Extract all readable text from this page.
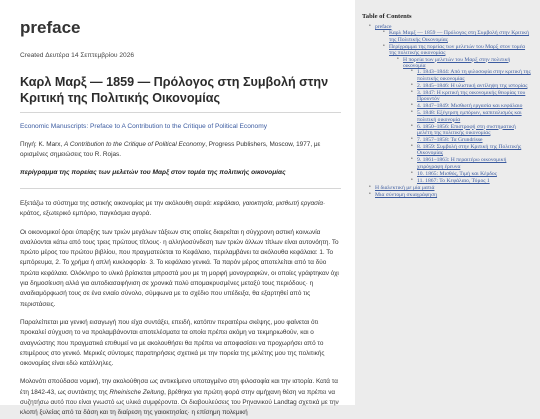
preface
Created Δευτέρα 14 Σεπτεμβρίου 2026
Καρλ Μαρξ — 1859 — Πρόλογος στη Συμβολή στην Κριτική της Πολιτικής Οικονομίας
Economic Manuscripts: Preface to A Contribution to the Critique of Political Economy
Πηγή: K. Marx, A Contribution to the Critique of Political Economy, Progress Publishers, Moscow, 1977, με ορισμένες σημειώσεις του R. Rojas.
περίγραμμα της πορείας των μελετών του Μαρξ στον τομέα της πολιτικής οικονομίας

Εξετάζω το σύστημα της αστικής οικονομίας με την ακόλουθη σειρά: κεφάλαιο, γαιοκτησία, μισθωτή εργασία· κράτος, εξωτερικό εμπόριο, παγκόσμια αγορά.

Οι οικονομικοί όροι ύπαρξης των τριών μεγάλων τάξεων στις οποίες διαιρείται η σύγχρονη αστική κοινωνία αναλύονται κάτω από τους τρεις πρώτους τίτλους· η αλληλοσύνδεση των τριών άλλων τίτλων είναι αυτονόητη. Το πρώτο μέρος του πρώτου βιβλίου, που πραγματεύεται το Κεφάλαιο, περιλαμβάνει τα ακόλουθα κεφάλαια: 1. Το εμπόρευμα, 2. Το χρήμα ή απλή κυκλοφορία· 3. Το κεφάλαιο γενικά. Τα παρόν μέρος αποτελείται από τα δύο πρώτα κεφάλαια. Ολόκληρο το υλικό βρίσκεται μπροστά μου με τη μορφή μονογραφιών, οι οποίες γράφτηκαν όχι για δημοσίευση αλλά για αυτοδιασαφήνιση σε χρονικά πολύ απομακρυσμένες μεταξύ τους περιόδους· η αναδιαμόρφωσή τους σε ένα ενιαίο σύνολο, σύμφωνα με το σχέδιο που υπέδειξα, θα εξαρτηθεί από τις περιστάσεις.

Παραλείπεται μια γενική εισαγωγή που είχα συντάξει, επειδή, κατόπιν περαιτέρω σκέψης, μου φαίνεται ότι προκαλεί σύγχυση το να προλαμβάνονται αποτελέσματα τα οποία πρέπει ακόμη να τεκμηριωθούν, και ο αναγνώστης που πραγματικά επιθυμεί να με ακολουθήσει θα πρέπει να αποφασίσει να προχωρήσει από το επιμέρους στο γενικό. Μερικές σύντομες παρατηρήσεις σχετικά με την πορεία της μελέτης μου της πολιτικής οικονομίας είναι εδώ κατάλληλες.

Μολονότι σπούδασα νομική, την ακολούθησα ως αντικείμενο υποταγμένο στη φιλοσοφία και την ιστορία. Κατά τα έτη 1842-43, ως συντάκτης της Rheinische Zeitung, βρέθηκα για πρώτη φορά στην αμήχανη θέση να πρέπει να συζητήσω αυτό που είναι γνωστό ως υλικά συμφέροντα. Οι διαβουλεύσεις του Ρηνανικού Landtag σχετικά με την κλοπή ξυλείας από τα δάση και τη διαίρεση της γαιοκτησίας· η επίσημη πολεμική

Table of Contents
• preface
• Καρλ Μαρξ — 1859 — Πρόλογος στη Συμβολή στην Κριτική της Πολιτικής Οικονομίας
• Περίγραμμα της πορείας των μελετών του Μαρξ στον τομέα της πολιτικής οικονομίας
• Η πορεία των μελετών του Μαρξ στην πολιτική οικονομία
• 1. 1843–1844: Από τη φιλοσοφία στην κριτική της πολιτικής οικονομίας
• 2. 1845–1846: Η υλιστική αντίληψη της ιστορίας
• 3. 1847: Η κριτική της οικονομικής θεωρίας του Προυντόν
• 4. 1847–1849: Μισθωτή εργασία και κεφάλαιο
• 5. 1848: Εξέγερση εμπόρων, καπιταλισμός και πολιτική οικονομία
• 6. 1850–1856: Επιστροφή στη συστηματική μελέτη της πολιτικής οικονομίας
• 7. 1857–1858: Τα Grundrisse
• 8. 1859: Συμβολή στην Κριτική της Πολιτικής Οικονομίας
• 9. 1861–1863: Η περαιτέρω οικονομική χειρόγραφη έρευνα
• 10. 1865: Μισθός, Τιμή και Κέρδος
• 11. 1867: Το Κεφάλαιο, Τόμος 1
• Η διαλεκτική με μία ματιά
• Μια σύντομη σκιαγράφηση
